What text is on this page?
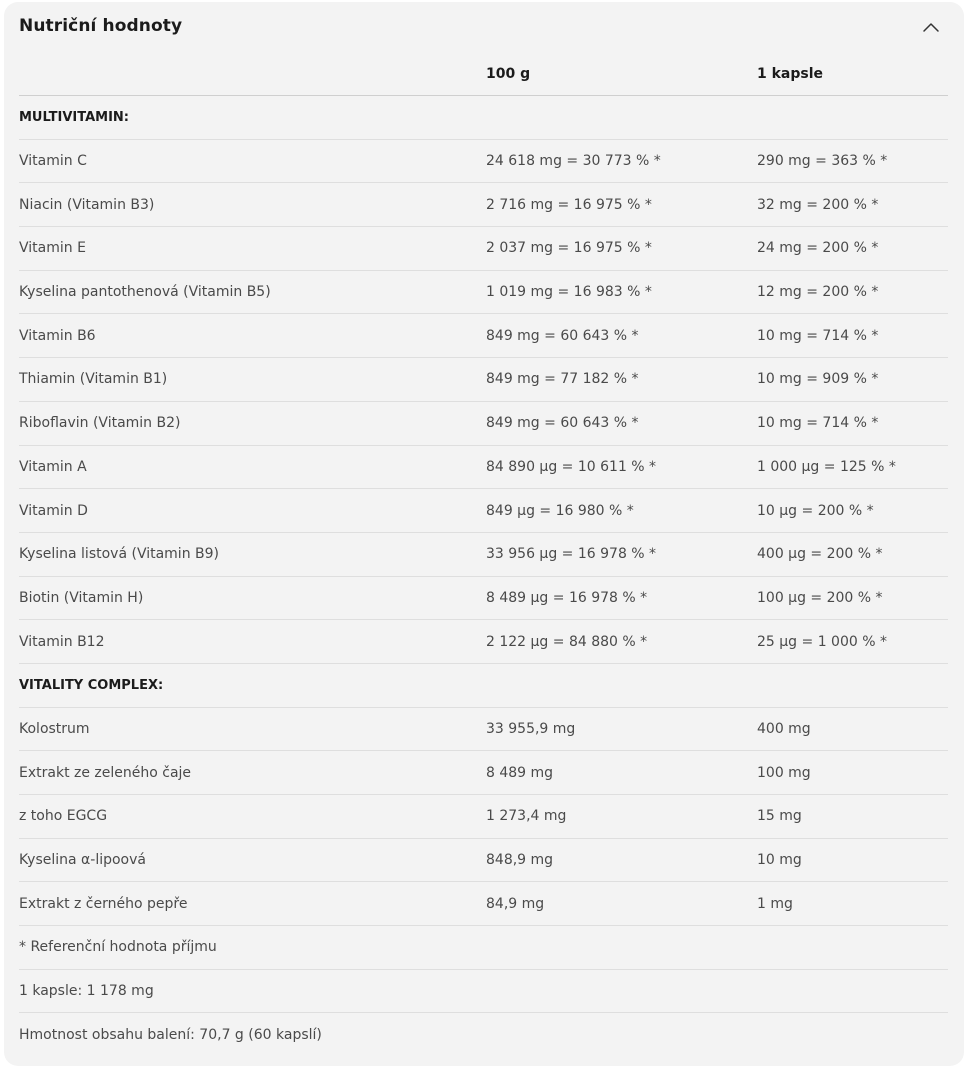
Nutriční hodnoty
100 g	1 kapsle
MULTIVITAMIN:
Vitamin C	24 618 mg = 30 773 % *	290 mg = 363 % *
Niacin (Vitamin B3)	2 716 mg = 16 975 % *	32 mg = 200 % *
Vitamin E	2 037 mg = 16 975 % *	24 mg = 200 % *
Kyselina pantothenová (Vitamin B5)	1 019 mg = 16 983 % *	12 mg = 200 % *
Vitamin B6	849 mg = 60 643 % *	10 mg = 714 % *
Thiamin (Vitamin B1)	849 mg = 77 182 % *	10 mg = 909 % *
Riboflavin (Vitamin B2)	849 mg = 60 643 % *	10 mg = 714 % *
Vitamin A	84 890 µg = 10 611 % *	1 000 µg = 125 % *
Vitamin D	849 µg = 16 980 % *	10 µg = 200 % *
Kyselina listová (Vitamin B9)	33 956 µg = 16 978 % *	400 µg = 200 % *
Biotin (Vitamin H)	8 489 µg = 16 978 % *	100 µg = 200 % *
Vitamin B12	2 122 µg = 84 880 % *	25 µg = 1 000 % *
VITALITY COMPLEX:
Kolostrum	33 955,9 mg	400 mg
Extrakt ze zeleného čaje	8 489 mg	100 mg
z toho EGCG	1 273,4 mg	15 mg
Kyselina α-lipoová	848,9 mg	10 mg
Extrakt z černého pepře	84,9 mg	1 mg
* Referenční hodnota příjmu
1 kapsle: 1 178 mg
Hmotnost obsahu balení: 70,7 g (60 kapslí)
